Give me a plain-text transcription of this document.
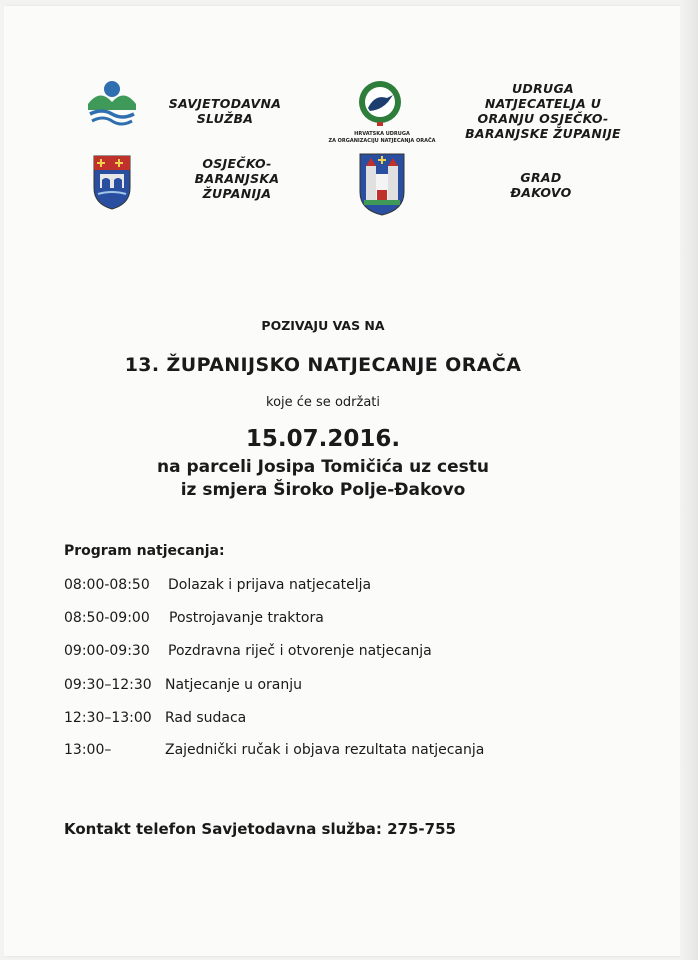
SAVJETODAVNA
SLUŽBA
HRVATSKA UDRUGA
ZA ORGANIZACIJU NATJECANJA ORAČA
UDRUGA
NATJECATELJA U
ORANJU OSJEČKO-
BARANJSKE ŽUPANIJE
OSJEČKO-
BARANJSKA
ŽUPANIJA
GRAD
ĐAKOVO
POZIVAJU VAS NA
13. ŽUPANIJSKO NATJECANJE ORAČA
koje će se održati
15.07.2016.
na parceli Josipa Tomičića uz cestu
iz smjera Široko Polje-Đakovo
Program natjecanja:
08:00-08:50 Dolazak i prijava natjecatelja
08:50-09:00 Postrojavanje traktora
09:00-09:30 Pozdravna riječ i otvorenje natjecanja
09:30–12:30 Natjecanje u oranju
12:30–13:00 Rad sudaca
13:00–	Zajednički ručak i objava rezultata natjecanja
Kontakt telefon Savjetodavna služba: 275-755
